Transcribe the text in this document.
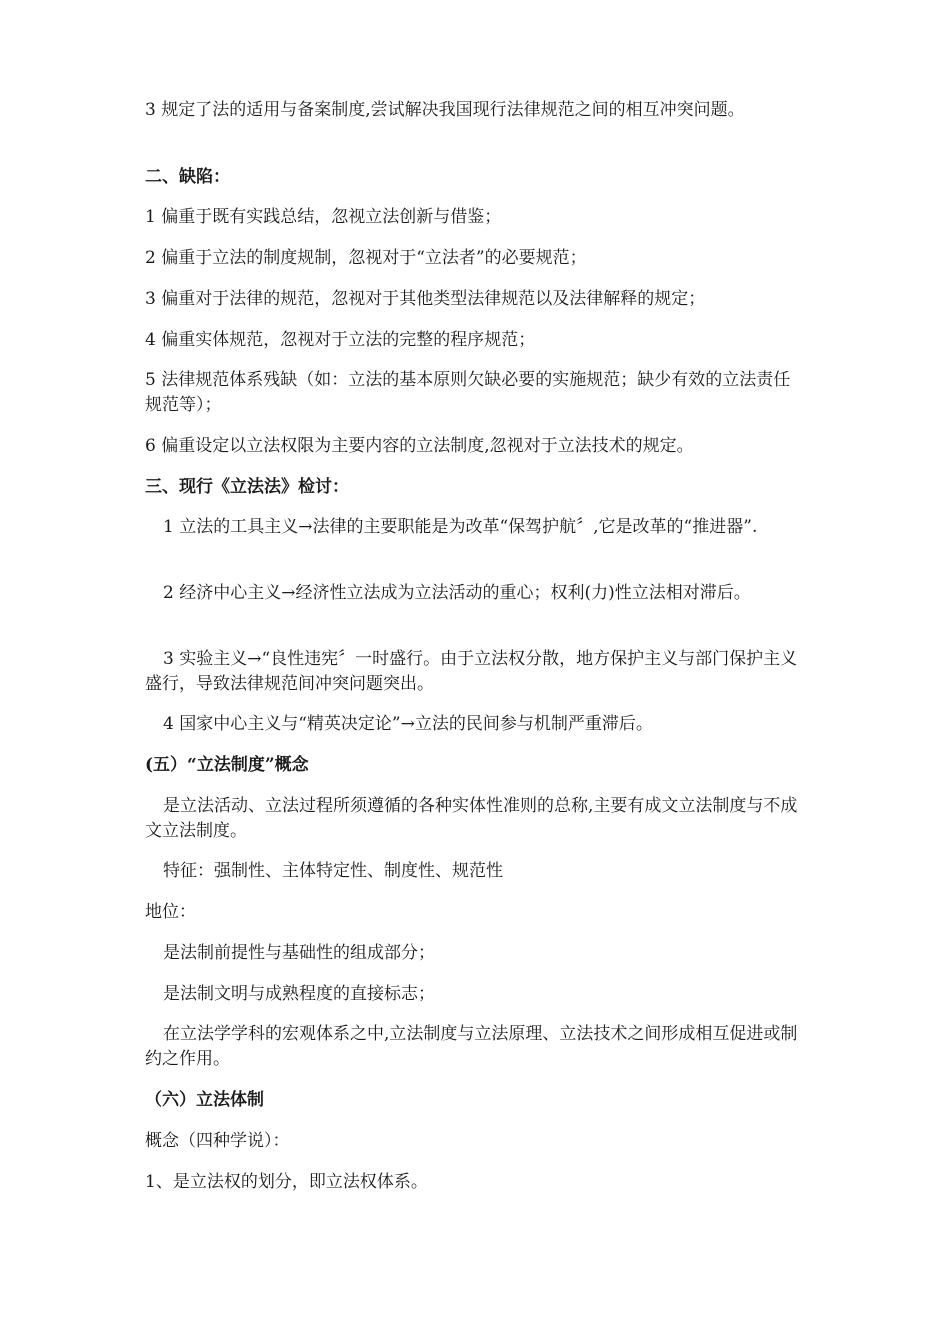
3 规定了法的适用与备案制度,尝试解决我国现行法律规范之间的相互冲突问题。

二、缺陷：

1 偏重于既有实践总结，忽视立法创新与借鉴；

2 偏重于立法的制度规制，忽视对于“立法者”的必要规范；

3 偏重对于法律的规范，忽视对于其他类型法律规范以及法律解释的规定；

4 偏重实体规范，忽视对于立法的完整的程序规范；

5 法律规范体系残缺（如：立法的基本原则欠缺必要的实施规范；缺少有效的立法责任规范等）；

6 偏重设定以立法权限为主要内容的立法制度,忽视对于立法技术的规定。

三、现行《立法法》检讨：

1 立法的工具主义→法律的主要职能是为改革“保驾护航〞,它是改革的“推进器”.

2 经济中心主义→经济性立法成为立法活动的重心；权利(力)性立法相对滞后。

3 实验主义→“良性违宪〞一时盛行。由于立法权分散，地方保护主义与部门保护主义盛行，导致法律规范间冲突问题突出。

4 国家中心主义与“精英决定论”→立法的民间参与机制严重滞后。

(五）“立法制度”概念

是立法活动、立法过程所须遵循的各种实体性准则的总称,主要有成文立法制度与不成文立法制度。

特征：强制性、主体特定性、制度性、规范性

地位：

是法制前提性与基础性的组成部分；

是法制文明与成熟程度的直接标志；

在立法学学科的宏观体系之中,立法制度与立法原理、立法技术之间形成相互促进或制约之作用。

（六）立法体制

概念（四种学说）：

1、是立法权的划分，即立法权体系。
